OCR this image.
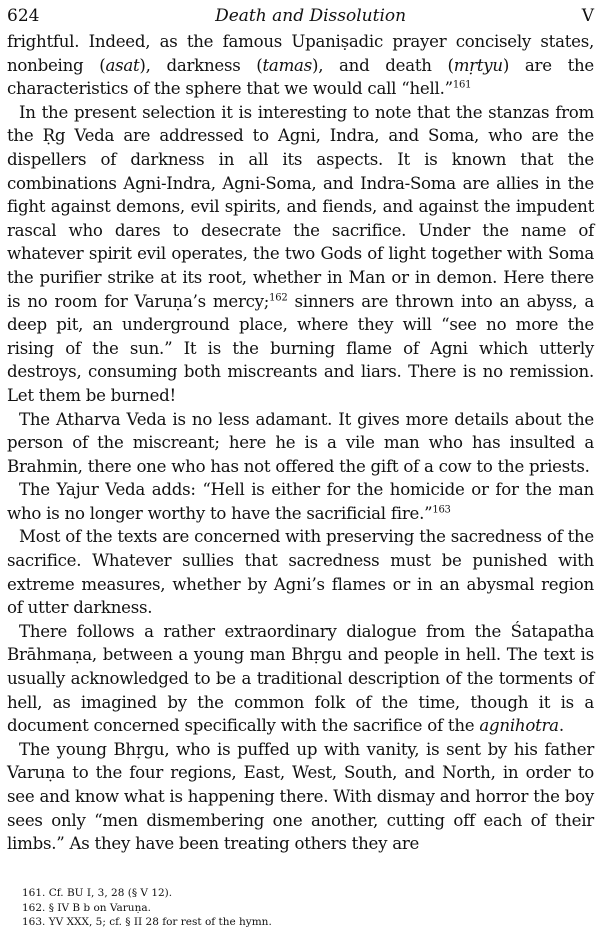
624	Death and Dissolution	V

frightful. Indeed, as the famous Upaniṣadic prayer concisely states, nonbeing (asat), darkness (tamas), and death (mṛtyu) are the characteristics of the sphere that we would call “hell.”$^{161}$

In the present selection it is interesting to note that the stanzas from the Ṛg Veda are addressed to Agni, Indra, and Soma, who are the dispellers of darkness in all its aspects. It is known that the combinations Agni-Indra, Agni-Soma, and Indra-Soma are allies in the fight against demons, evil spirits, and fiends, and against the impudent rascal who dares to desecrate the sacrifice. Under the name of whatever spirit evil operates, the two Gods of light together with Soma the purifier strike at its root, whether in Man or in demon. Here there is no room for Varuṇa’s mercy;$^{162}$ sinners are thrown into an abyss, a deep pit, an underground place, where they will “see no more the rising of the sun.” It is the burning flame of Agni which utterly destroys, consuming both miscreants and liars. There is no remission. Let them be burned!

The Atharva Veda is no less adamant. It gives more details about the person of the miscreant; here he is a vile man who has insulted a Brahmin, there one who has not offered the gift of a cow to the priests.

The Yajur Veda adds: “Hell is either for the homicide or for the man who is no longer worthy to have the sacrificial fire.”$^{163}$

Most of the texts are concerned with preserving the sacredness of the sacrifice. Whatever sullies that sacredness must be punished with extreme measures, whether by Agni’s flames or in an abysmal region of utter darkness.

There follows a rather extraordinary dialogue from the Śatapatha Brāhmaṇa, between a young man Bhṛgu and people in hell. The text is usually acknowledged to be a traditional description of the torments of hell, as imagined by the common folk of the time, though it is a document concerned specifically with the sacrifice of the agnihotra.

The young Bhṛgu, who is puffed up with vanity, is sent by his father Varuṇa to the four regions, East, West, South, and North, in order to see and know what is happening there. With dismay and horror the boy sees only “men dismembering one another, cutting off each of their limbs.” As they have been treating others they are

161. Cf. BU I, 3, 28 (§ V 12).

162. § IV B b on Varuṇa.

163. YV XXX, 5; cf. § II 28 for rest of the hymn.
